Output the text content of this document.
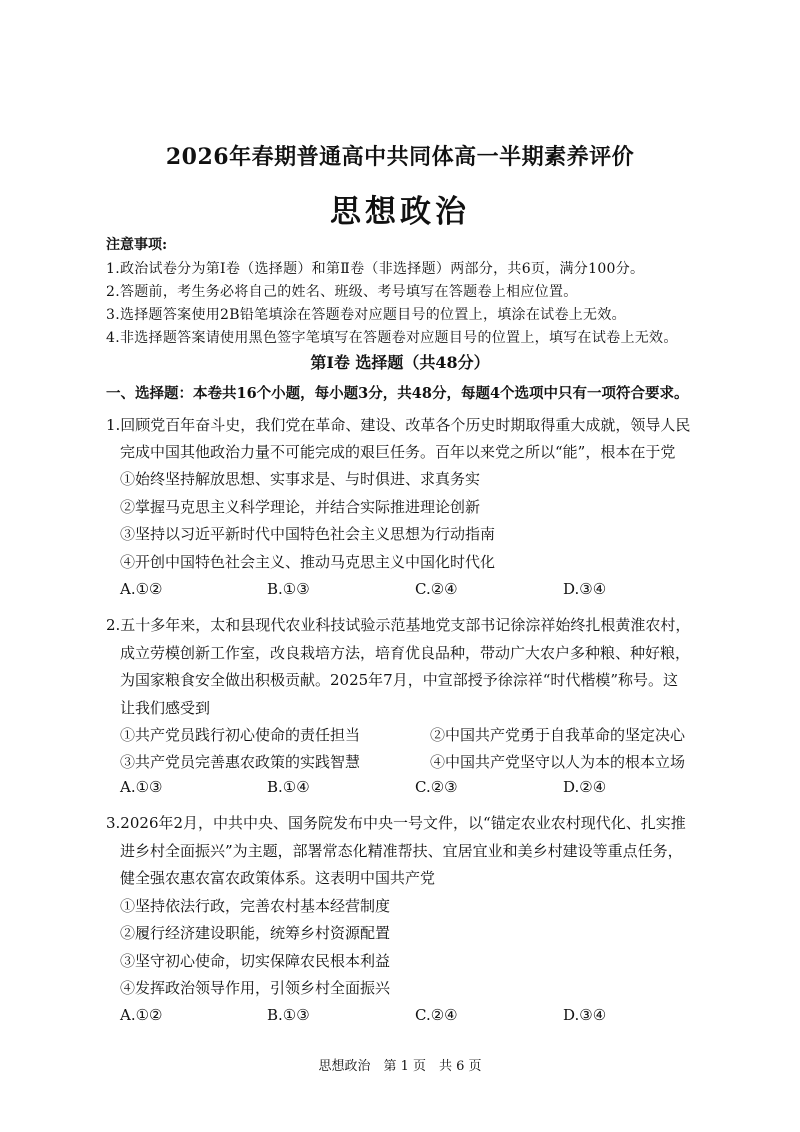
2026年春期普通高中共同体高一半期素养评价
思想政治
注意事项:
1.政治试卷分为第Ⅰ卷（选择题）和第Ⅱ卷（非选择题）两部分，共6页，满分100分。
2.答题前，考生务必将自己的姓名、班级、考号填写在答题卷上相应位置。
3.选择题答案使用2B铅笔填涂在答题卷对应题目号的位置上，填涂在试卷上无效。
4.非选择题答案请使用黑色签字笔填写在答题卷对应题目号的位置上，填写在试卷上无效。
第Ⅰ卷 选择题（共48分）
一、选择题：本卷共16个小题，每小题3分，共48分，每题4个选项中只有一项符合要求。
1.回顾党百年奋斗史，我们党在革命、建设、改革各个历史时期取得重大成就，领导人民
完成中国其他政治力量不可能完成的艰巨任务。百年以来党之所以“能”，根本在于党
①始终坚持解放思想、实事求是、与时俱进、求真务实
②掌握马克思主义科学理论，并结合实际推进理论创新
③坚持以习近平新时代中国特色社会主义思想为行动指南
④开创中国特色社会主义、推动马克思主义中国化时代化
A.①②	B.①③	C.②④	D.③④
2.五十多年来，太和县现代农业科技试验示范基地党支部书记徐淙祥始终扎根黄淮农村，
成立劳模创新工作室，改良栽培方法，培育优良品种，带动广大农户多种粮、种好粮，
为国家粮食安全做出积极贡献。2025年7月，中宣部授予徐淙祥“时代楷模”称号。这
让我们感受到
①共产党员践行初心使命的责任担当	②中国共产党勇于自我革命的坚定决心
③共产党员完善惠农政策的实践智慧	④中国共产党坚守以人为本的根本立场
A.①③	B.①④	C.②③	D.②④
3.2026年2月，中共中央、国务院发布中央一号文件，以“锚定农业农村现代化、扎实推
进乡村全面振兴”为主题，部署常态化精准帮扶、宜居宜业和美乡村建设等重点任务，
健全强农惠农富农政策体系。这表明中国共产党
①坚持依法行政，完善农村基本经营制度
②履行经济建设职能，统筹乡村资源配置
③坚守初心使命，切实保障农民根本利益
④发挥政治领导作用，引领乡村全面振兴
A.①②	B.①③	C.②④	D.③④
思想政治　第 1 页　共 6 页
